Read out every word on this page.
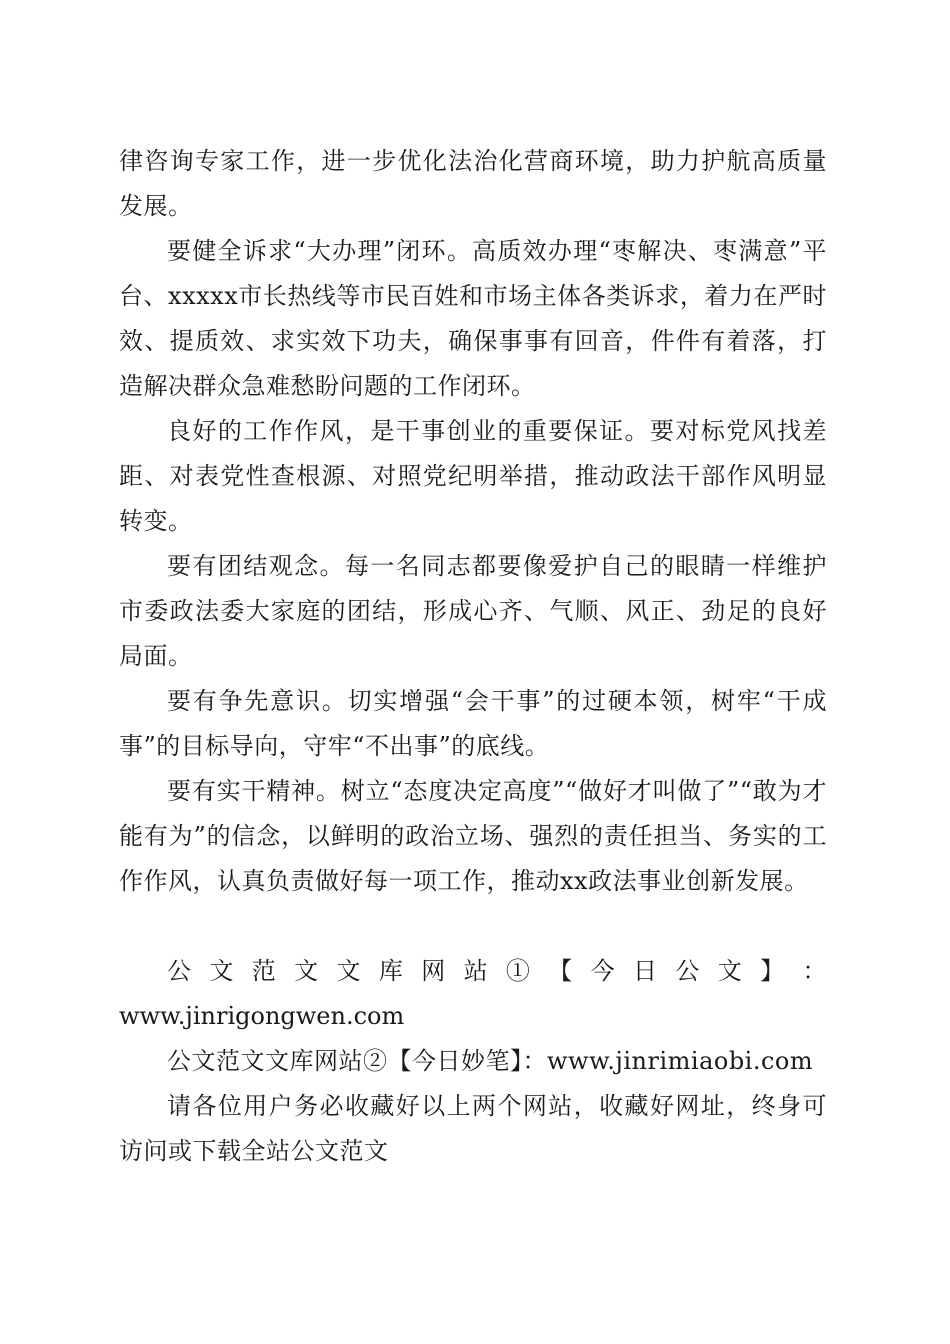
律咨询专家工作，进一步优化法治化营商环境，助力护航高质量发展。

要健全诉求“大办理”闭环。高质效办理“枣解决、枣满意”平台、xxxxx市长热线等市民百姓和市场主体各类诉求，着力在严时效、提质效、求实效下功夫，确保事事有回音，件件有着落，打造解决群众急难愁盼问题的工作闭环。

良好的工作作风，是干事创业的重要保证。要对标党风找差距、对表党性查根源、对照党纪明举措，推动政法干部作风明显转变。

要有团结观念。每一名同志都要像爱护自己的眼睛一样维护市委政法委大家庭的团结，形成心齐、气顺、风正、劲足的良好局面。

要有争先意识。切实增强“会干事”的过硬本领，树牢“干成事”的目标导向，守牢“不出事”的底线。

要有实干精神。树立“态度决定高度”“做好才叫做了”“敢为才能有为”的信念，以鲜明的政治立场、强烈的责任担当、务实的工作作风，认真负责做好每一项工作，推动xx政法事业创新发展。

公 文 范 文 文 库 网 站 ① 【 今 日 公 文 】 ：

www.jinrigongwen.com

公文范文文库网站②【今日妙笔】：www.jinrimiaobi.com

请各位用户务必收藏好以上两个网站，收藏好网址，终身可访问或下载全站公文范文
